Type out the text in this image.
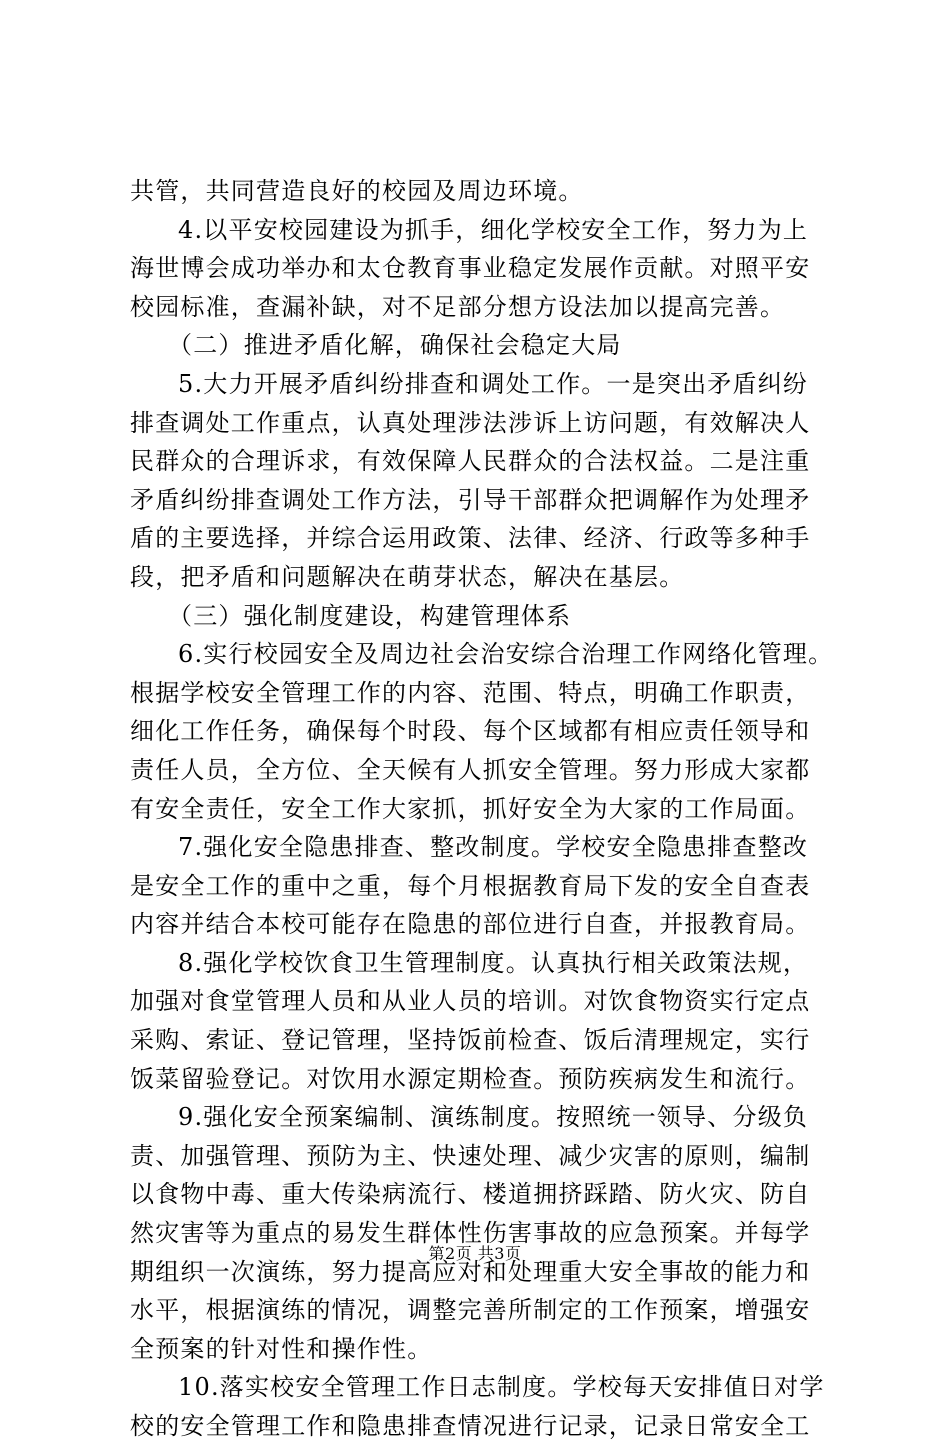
共管，共同营造良好的校园及周边环境。
4.以平安校园建设为抓手，细化学校安全工作，努力为上
海世博会成功举办和太仓教育事业稳定发展作贡献。对照平安
校园标准，查漏补缺，对不足部分想方设法加以提高完善。
（二）推进矛盾化解，确保社会稳定大局
5.大力开展矛盾纠纷排查和调处工作。一是突出矛盾纠纷
排查调处工作重点，认真处理涉法涉诉上访问题，有效解决人
民群众的合理诉求，有效保障人民群众的合法权益。二是注重
矛盾纠纷排查调处工作方法，引导干部群众把调解作为处理矛
盾的主要选择，并综合运用政策、法律、经济、行政等多种手
段，把矛盾和问题解决在萌芽状态，解决在基层。
（三）强化制度建设，构建管理体系
6.实行校园安全及周边社会治安综合治理工作网络化管理。
根据学校安全管理工作的内容、范围、特点，明确工作职责，
细化工作任务，确保每个时段、每个区域都有相应责任领导和
责任人员，全方位、全天候有人抓安全管理。努力形成大家都
有安全责任，安全工作大家抓，抓好安全为大家的工作局面。
7.强化安全隐患排查、整改制度。学校安全隐患排查整改
是安全工作的重中之重，每个月根据教育局下发的安全自查表
内容并结合本校可能存在隐患的部位进行自查，并报教育局。
8.强化学校饮食卫生管理制度。认真执行相关政策法规，
加强对食堂管理人员和从业人员的培训。对饮食物资实行定点
采购、索证、登记管理，坚持饭前检查、饭后清理规定，实行
饭菜留验登记。对饮用水源定期检查。预防疾病发生和流行。
9.强化安全预案编制、演练制度。按照统一领导、分级负
责、加强管理、预防为主、快速处理、减少灾害的原则，编制
以食物中毒、重大传染病流行、楼道拥挤踩踏、防火灾、防自
然灾害等为重点的易发生群体性伤害事故的应急预案。并每学
期组织一次演练，努力提高应对和处理重大安全事故的能力和
水平，根据演练的情况，调整完善所制定的工作预案，增强安
全预案的针对性和操作性。
10.落实校安全管理工作日志制度。学校每天安排值日对学
校的安全管理工作和隐患排查情况进行记录，记录日常安全工
第2页 共3页
